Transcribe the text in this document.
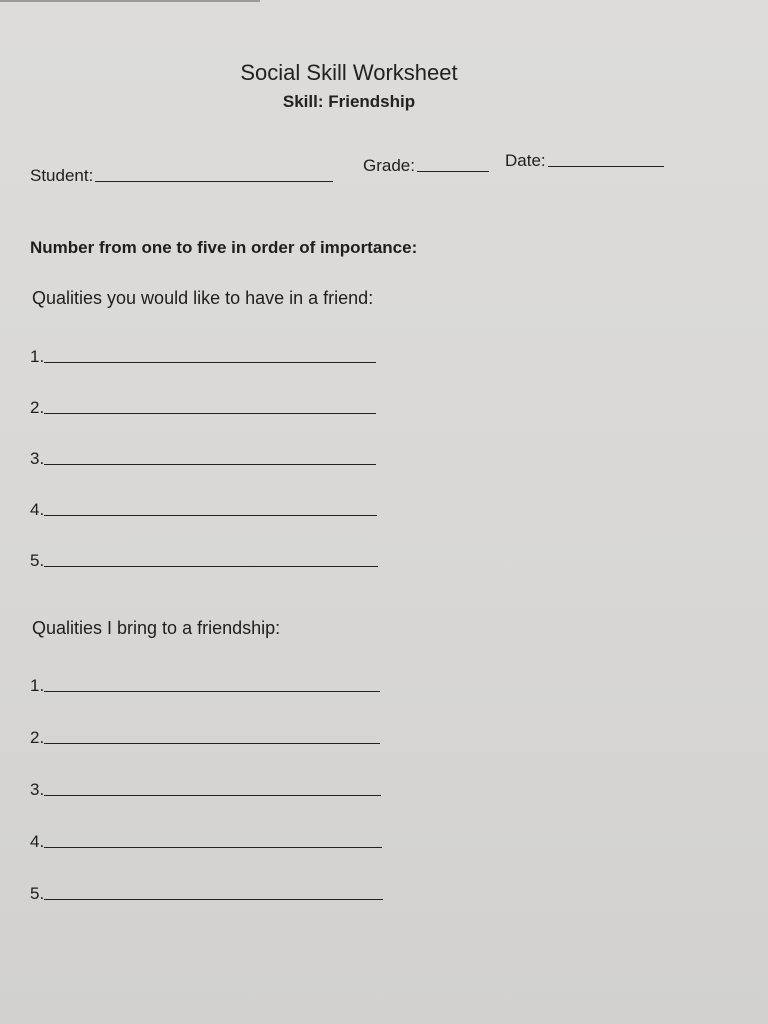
Social Skill Worksheet
Skill: Friendship
Student:
Grade:	Date:
Number from one to five in order of importance:
Qualities you would like to have in a friend:
1.
2.
3.
4.
5.
Qualities I bring to a friendship:
1.
2.
3.
4.
5.
